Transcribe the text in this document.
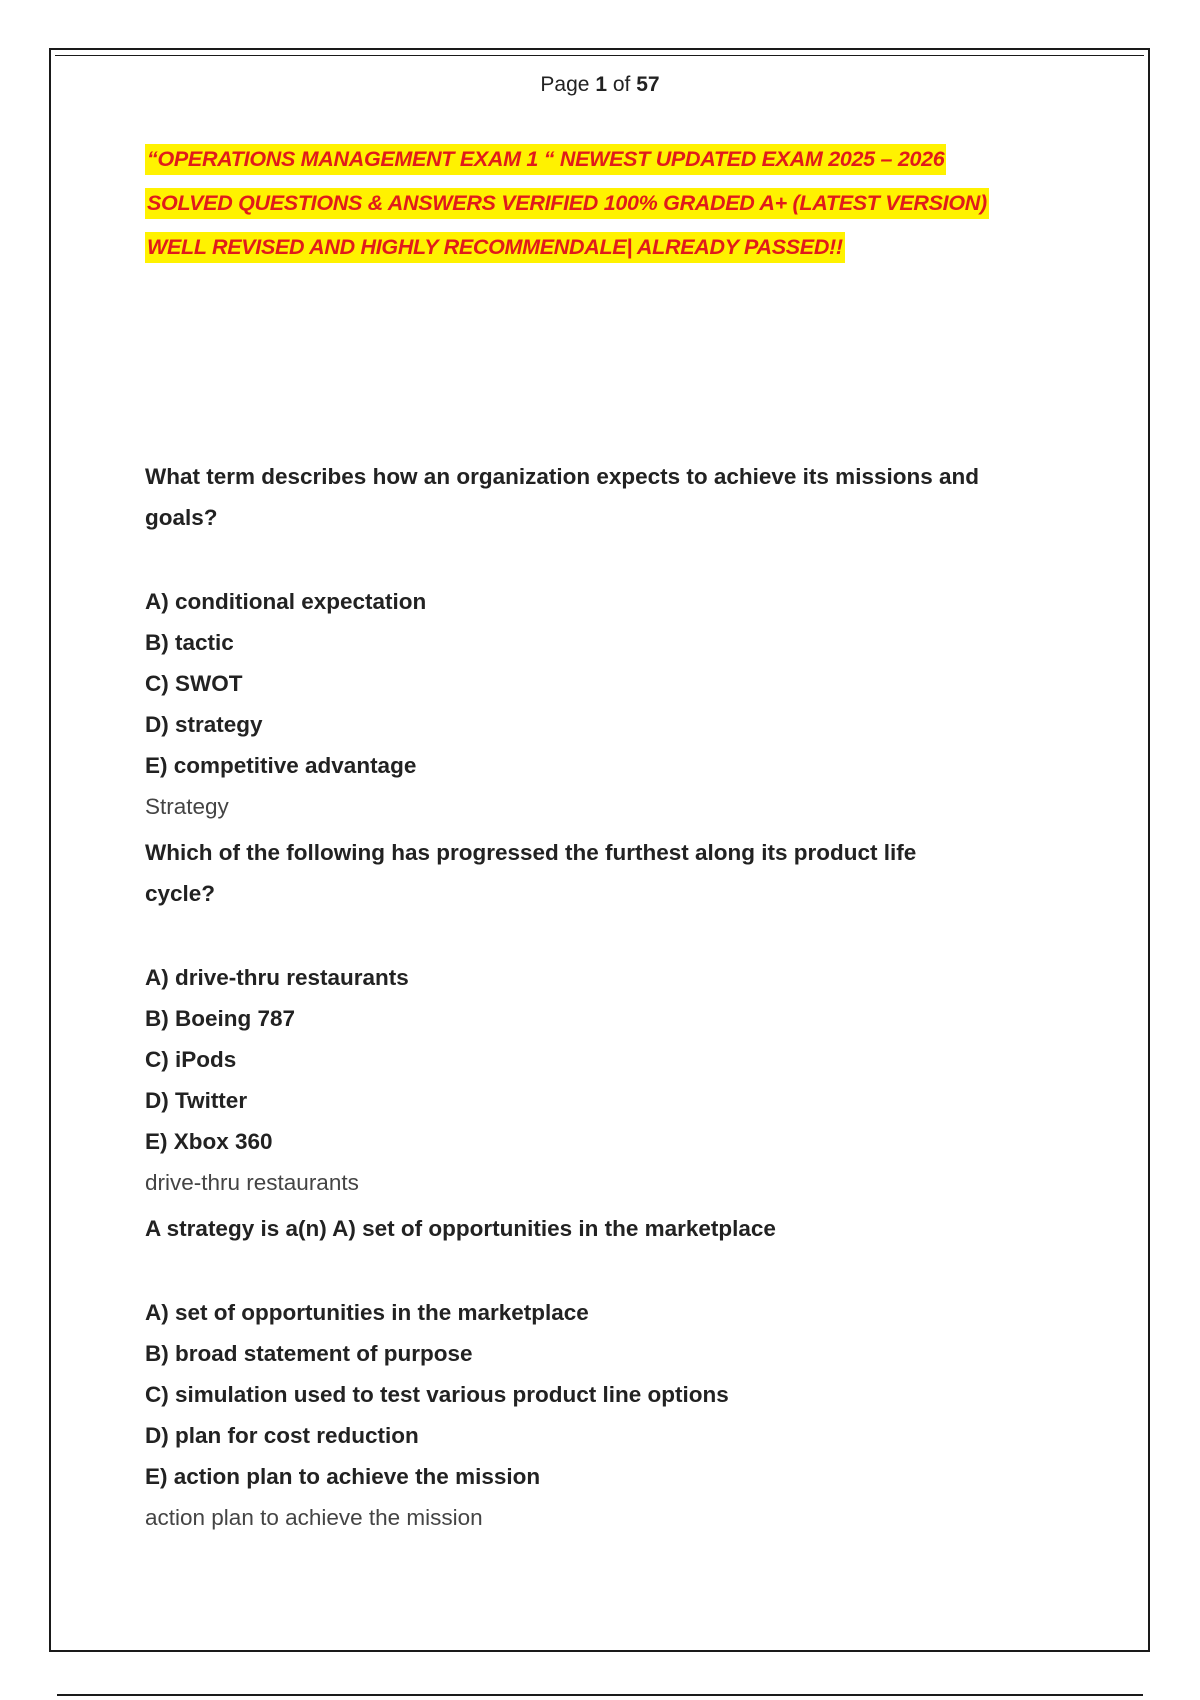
Page 1 of 57
“OPERATIONS MANAGEMENT EXAM 1 “ NEWEST UPDATED EXAM 2025 – 2026
SOLVED QUESTIONS & ANSWERS VERIFIED 100% GRADED A+ (LATEST VERSION)
WELL REVISED AND HIGHLY RECOMMENDALE| ALREADY PASSED!!

What term describes how an organization expects to achieve its missions and
goals?

A) conditional expectation
B) tactic
C) SWOT
D) strategy
E) competitive advantage
Strategy

Which of the following has progressed the furthest along its product life
cycle?

A) drive-thru restaurants
B) Boeing 787
C) iPods
D) Twitter
E) Xbox 360
drive-thru restaurants

A strategy is a(n) A) set of opportunities in the marketplace

A) set of opportunities in the marketplace
B) broad statement of purpose
C) simulation used to test various product line options
D) plan for cost reduction
E) action plan to achieve the mission
action plan to achieve the mission
